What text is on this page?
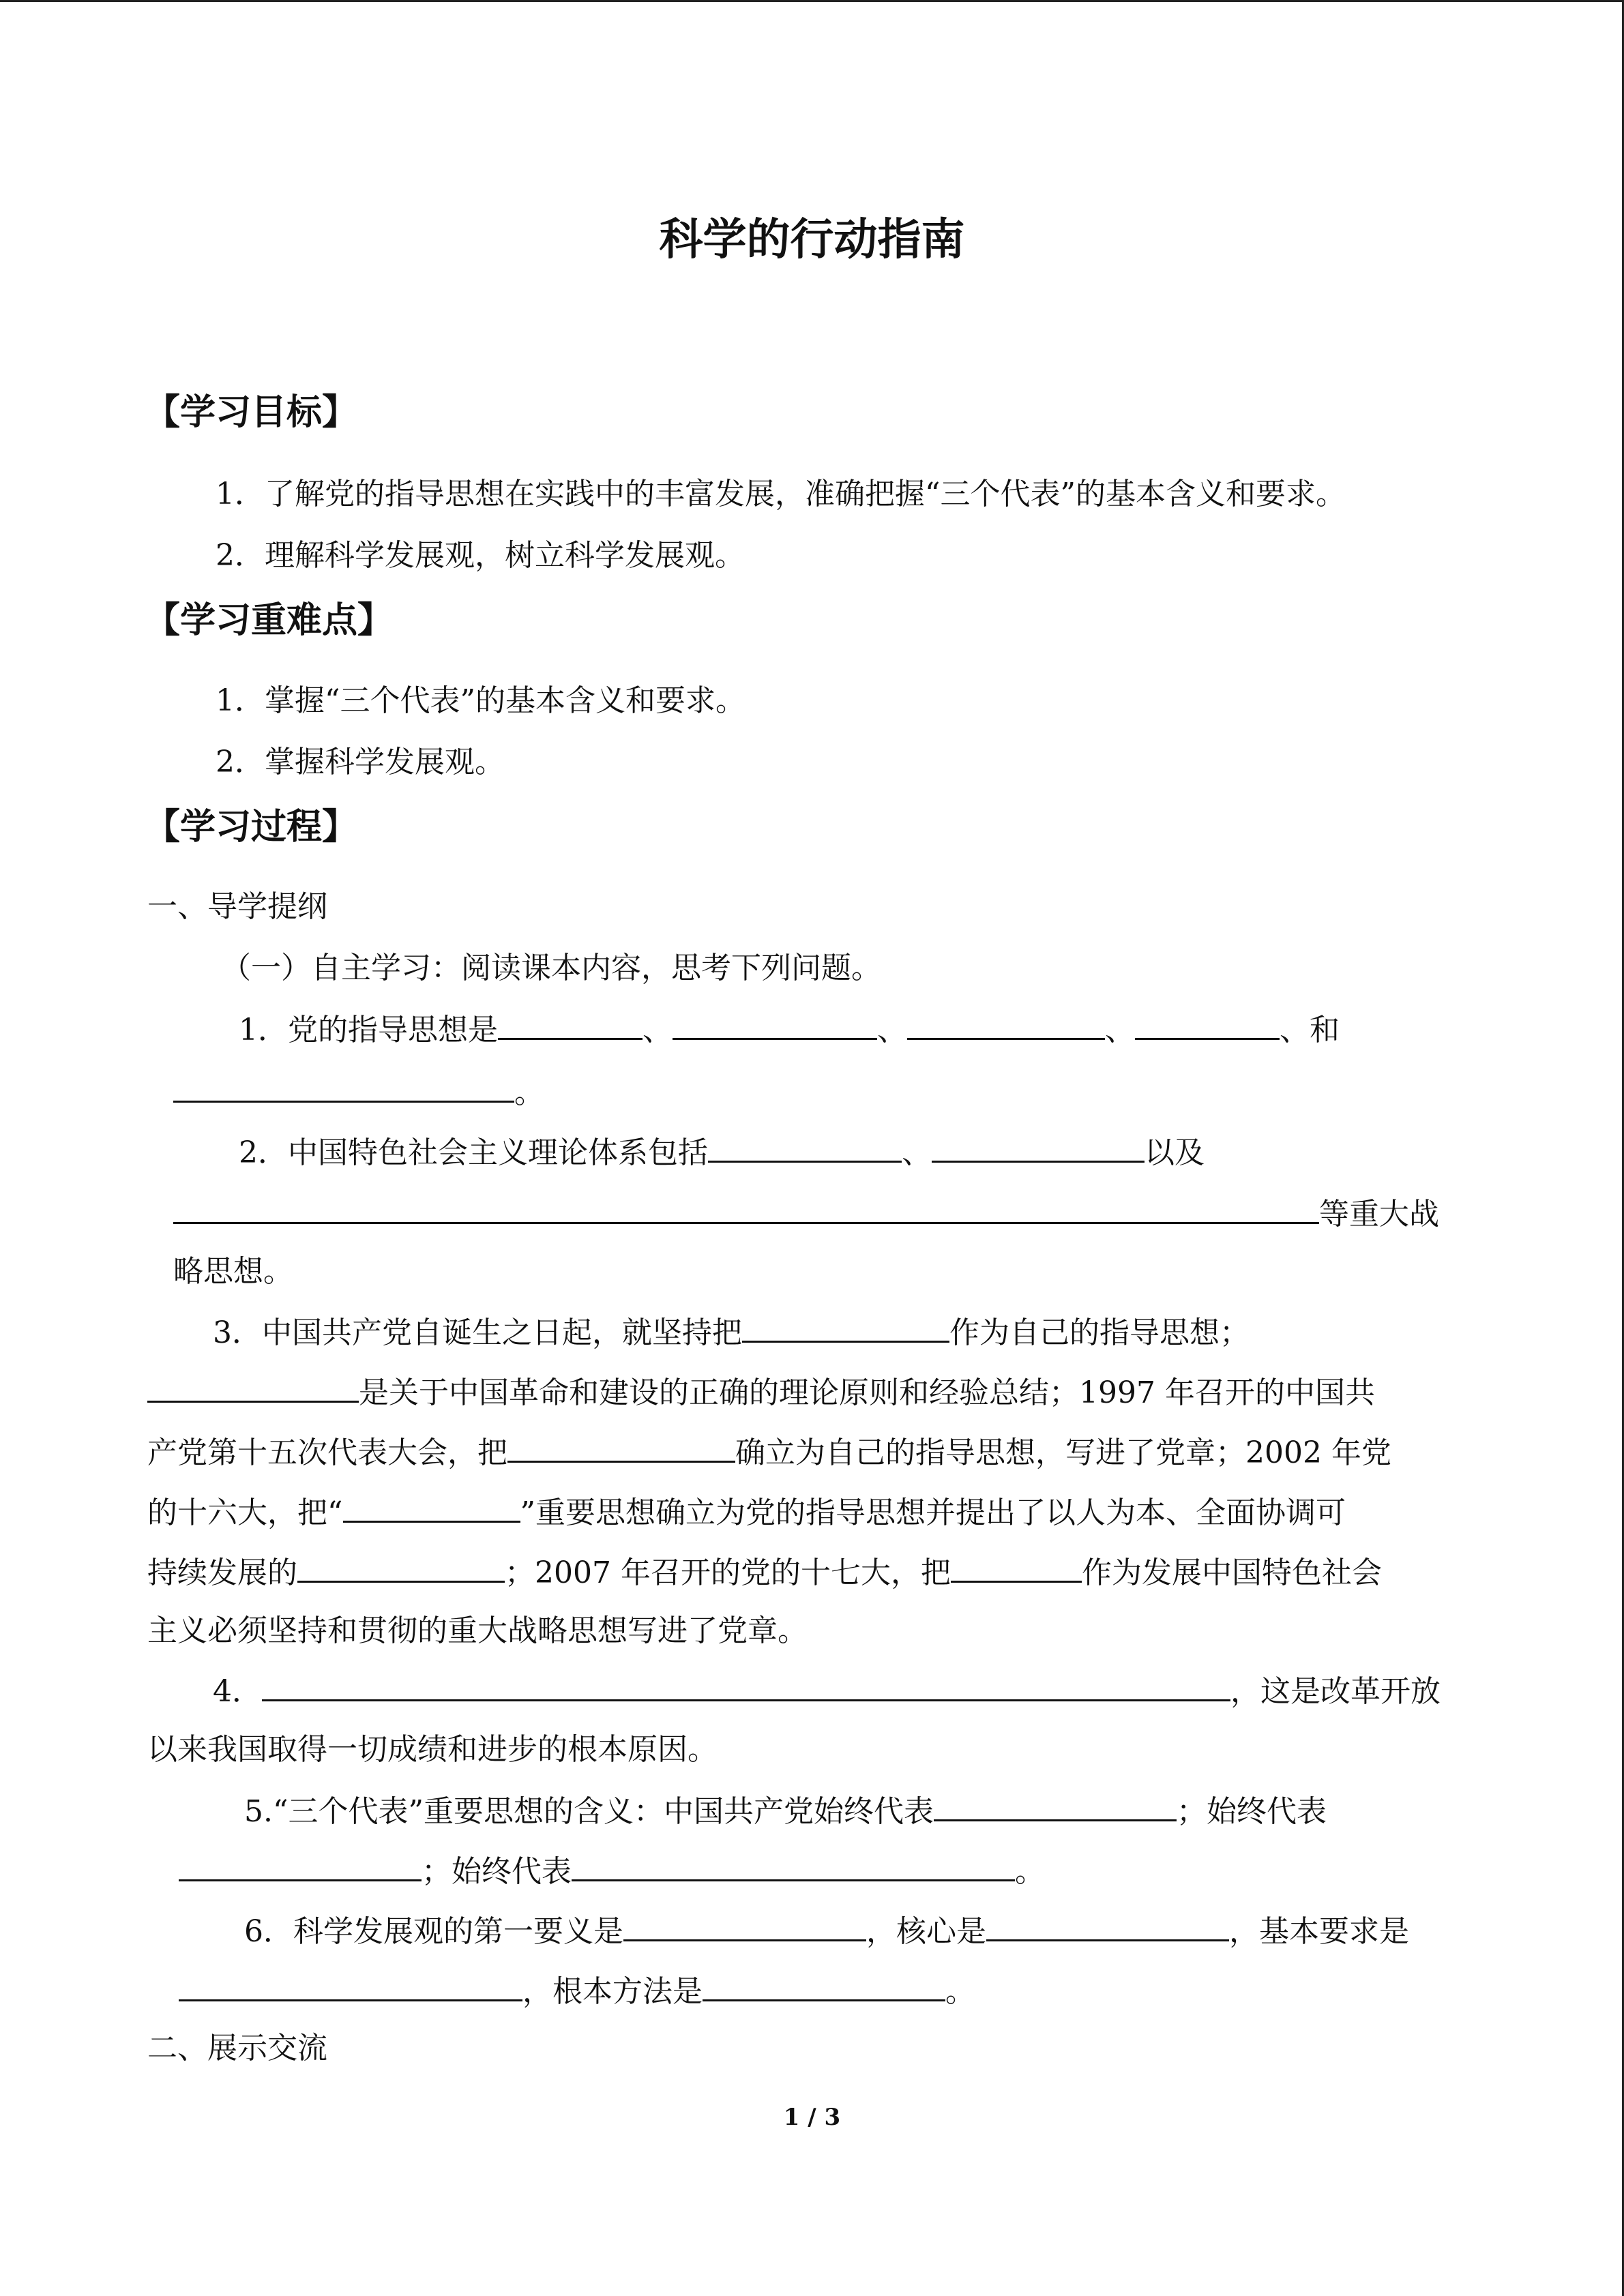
科学的行动指南
【学习目标】
1．了解党的指导思想在实践中的丰富发展，准确把握“三个代表”的基本含义和要求。
2．理解科学发展观，树立科学发展观。
【学习重难点】
1．掌握“三个代表”的基本含义和要求。
2．掌握科学发展观。
【学习过程】
一、导学提纲
（一）自主学习：阅读课本内容，思考下列问题。
1．党的指导思想是	、	、	、	、和
。
2．中国特色社会主义理论体系包括	、	以及
等重大战
略思想。
3．中国共产党自诞生之日起，就坚持把	作为自己的指导思想；
是关于中国革命和建设的正确的理论原则和经验总结；1997 年召开的中国共
产党第十五次代表大会，把	确立为自己的指导思想，写进了党章；2002 年党
的十六大，把“	”重要思想确立为党的指导思想并提出了以人为本、全面协调可
持续发展的	；2007 年召开的党的十七大，把	作为发展中国特色社会
主义必须坚持和贯彻的重大战略思想写进了党章。
4．	，这是改革开放
以来我国取得一切成绩和进步的根本原因。
5.“三个代表”重要思想的含义：中国共产党始终代表	；始终代表
；始终代表	。
6．科学发展观的第一要义是	，核心是	，基本要求是
，根本方法是	。
二、展示交流
1 / 3
